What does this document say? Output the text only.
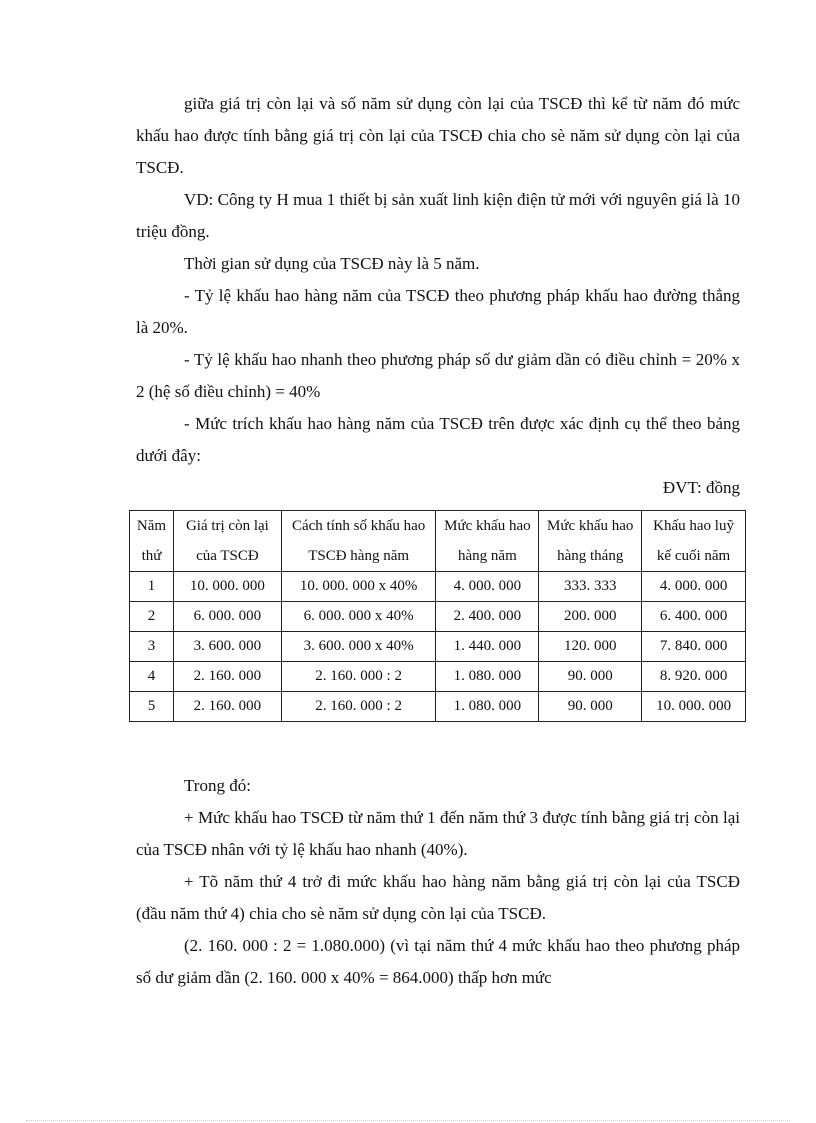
giữa giá trị còn lại và số năm sử dụng còn lại của TSCĐ thì kể từ năm đó mức khấu hao được tính bằng giá trị còn lại của TSCĐ chia cho sè năm sử dụng còn lại của TSCĐ.

VD: Công ty H mua 1 thiết bị sản xuất linh kiện điện tử mới với nguyên giá là 10 triệu đồng.

Thời gian sử dụng của TSCĐ này là 5 năm.

- Tỷ lệ khấu hao hàng năm của TSCĐ theo phương pháp khấu hao đường thẳng là 20%.

- Tỷ lệ khấu hao nhanh theo phương pháp số dư giảm dần có điều chỉnh = 20% x 2 (hệ số điều chỉnh) = 40%

- Mức trích khấu hao hàng năm của TSCĐ trên được xác định cụ thể theo bảng dưới đây:

ĐVT: đồng

Năm thứ	Giá trị còn lại của TSCĐ	Cách tính số khấu hao TSCĐ hàng năm	Mức khấu hao hàng năm	Mức khấu hao hàng tháng	Khấu hao luỹ kế cuối năm
1	10. 000. 000	10. 000. 000 x 40%	4. 000. 000	333. 333	4. 000. 000
2	6. 000. 000	6. 000. 000 x 40%	2. 400. 000	200. 000	6. 400. 000
3	3. 600. 000	3. 600. 000 x 40%	1. 440. 000	120. 000	7. 840. 000
4	2. 160. 000	2. 160. 000 : 2	1. 080. 000	90. 000	8. 920. 000
5	2. 160. 000	2. 160. 000 : 2	1. 080. 000	90. 000	10. 000. 000

Trong đó:

+ Mức khấu hao TSCĐ từ năm thứ 1 đến năm thứ 3 được tính bằng giá trị còn lại của TSCĐ nhân với tỷ lệ khấu hao nhanh (40%).

+ Tõ năm thứ 4 trở đi mức khấu hao hàng năm bằng giá trị còn lại của TSCĐ (đầu năm thứ 4) chia cho sè năm sử dụng còn lại của TSCĐ.

(2. 160. 000 : 2 = 1.080.000) (vì tại năm thứ 4 mức khấu hao theo phương pháp số dư giảm dần (2. 160. 000 x 40% = 864.000) thấp hơn mức
